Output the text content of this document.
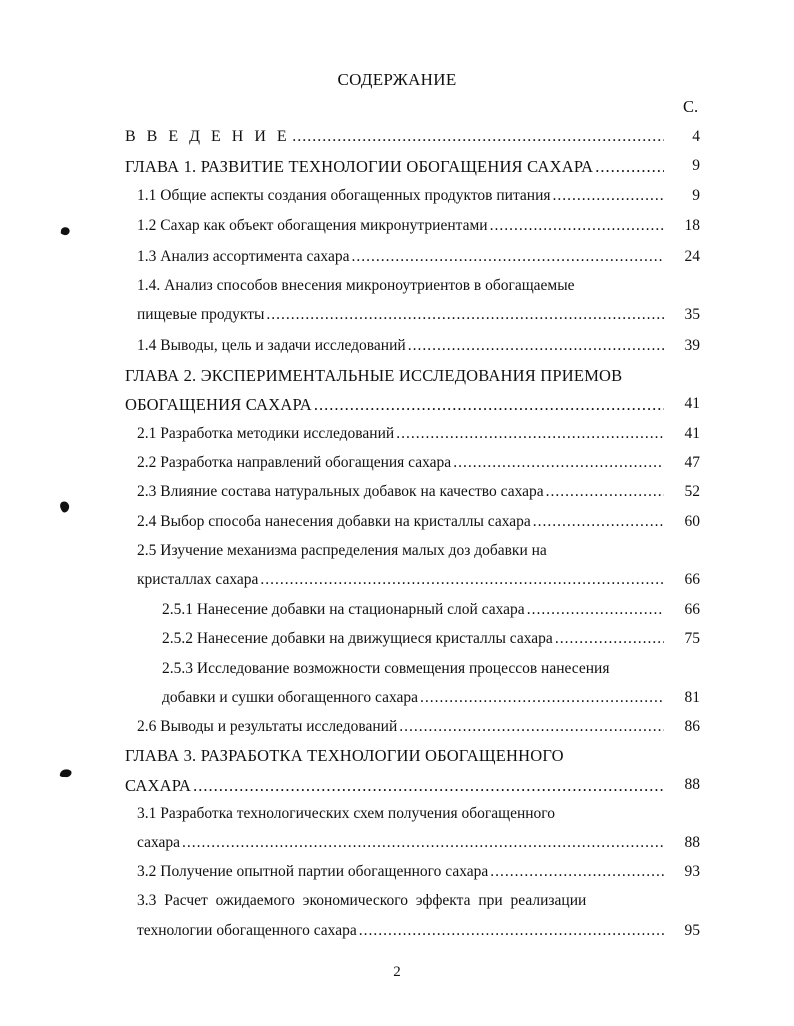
СОДЕРЖАНИЕ
С.
В В Е Д Е Н И Е .....	4
ГЛАВА 1. РАЗВИТИЕ ТЕХНОЛОГИИ ОБОГАЩЕНИЯ САХАРА .....	9
1.1 Общие аспекты создания обогащенных продуктов питания .....	9
1.2 Сахар как объект обогащения микронутриентами .....	18
1.3 Анализ ассортимента сахара .....	24
1.4. Анализ способов внесения микроноутриентов в обогащаемые
пищевые продукты .....	35
1.4 Выводы, цель и задачи исследований .....	39
ГЛАВА 2. ЭКСПЕРИМЕНТАЛЬНЫЕ ИССЛЕДОВАНИЯ ПРИЕМОВ
ОБОГАЩЕНИЯ САХАРА .....	41
2.1 Разработка методики исследований .....	41
2.2 Разработка направлений обогащения сахара .....	47
2.3 Влияние состава натуральных добавок на качество сахара .....	52
2.4 Выбор способа нанесения добавки на кристаллы сахара .....	60
2.5 Изучение механизма распределения малых доз добавки на
кристаллах сахара .....	66
2.5.1 Нанесение добавки на стационарный слой сахара .....	66
2.5.2 Нанесение добавки на движущиеся кристаллы сахара .....	75
2.5.3 Исследование возможности совмещения процессов нанесения
добавки и сушки обогащенного сахара .....	81
2.6 Выводы и результаты исследований .....	86
ГЛАВА 3. РАЗРАБОТКА ТЕХНОЛОГИИ ОБОГАЩЕННОГО
САХАРА .....	88
3.1 Разработка технологических схем получения обогащенного
сахара .....	88
3.2 Получение опытной партии обогащенного сахара .....	93
3.3 Расчет ожидаемого экономического эффекта при реализации
технологии обогащенного сахара .....	95
2
